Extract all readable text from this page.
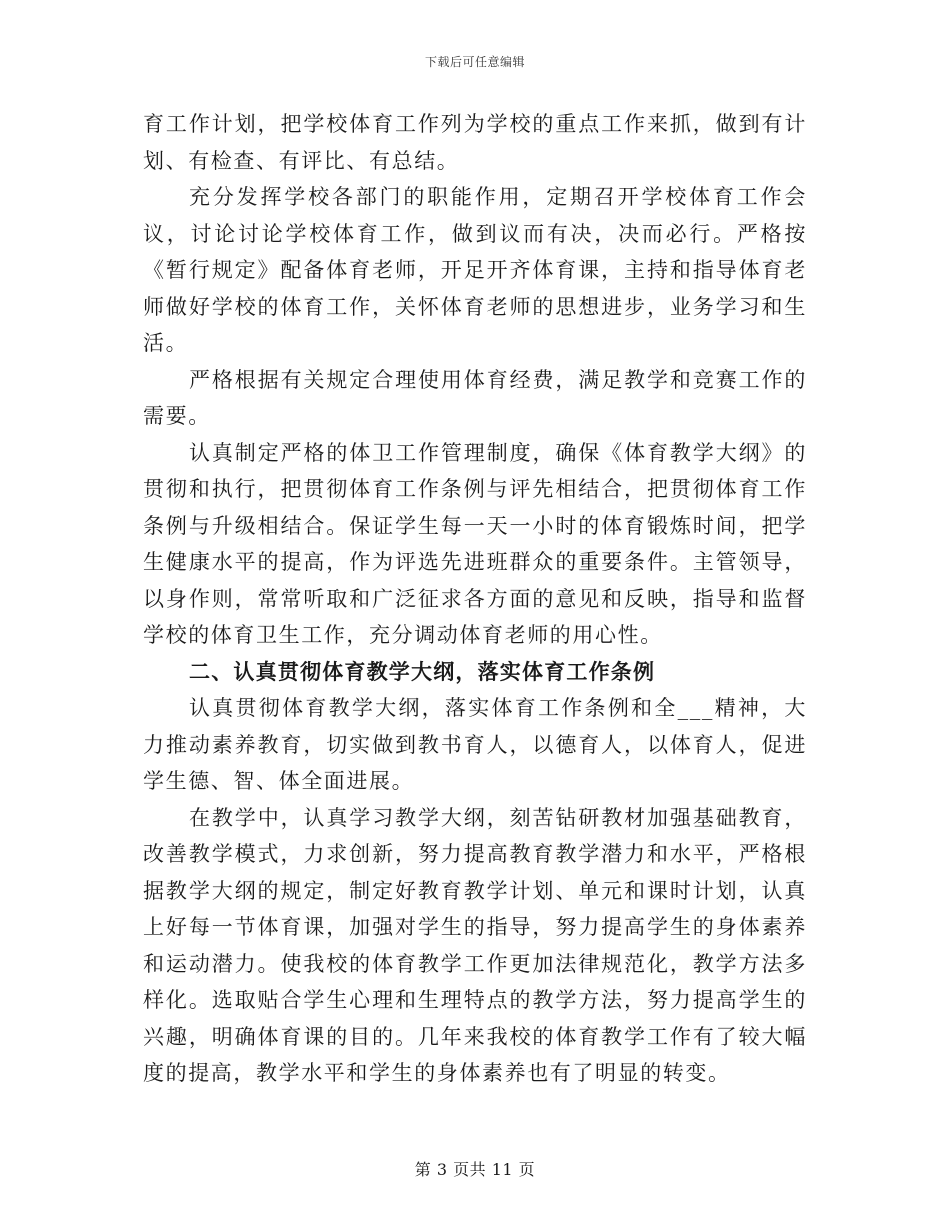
下载后可任意编辑

育工作计划，把学校体育工作列为学校的重点工作来抓，做到有计划、有检查、有评比、有总结。

充分发挥学校各部门的职能作用，定期召开学校体育工作会议，讨论讨论学校体育工作，做到议而有决，决而必行。严格按《暂行规定》配备体育老师，开足开齐体育课，主持和指导体育老师做好学校的体育工作，关怀体育老师的思想进步，业务学习和生活。

严格根据有关规定合理使用体育经费，满足教学和竞赛工作的需要。

认真制定严格的体卫工作管理制度，确保《体育教学大纲》的贯彻和执行，把贯彻体育工作条例与评先相结合，把贯彻体育工作条例与升级相结合。保证学生每一天一小时的体育锻炼时间，把学生健康水平的提高，作为评选先进班群众的重要条件。主管领导，以身作则，常常听取和广泛征求各方面的意见和反映，指导和监督学校的体育卫生工作，充分调动体育老师的用心性。

二、认真贯彻体育教学大纲，落实体育工作条例

认真贯彻体育教学大纲，落实体育工作条例和全___精神，大力推动素养教育，切实做到教书育人，以德育人，以体育人，促进学生德、智、体全面进展。

在教学中，认真学习教学大纲，刻苦钻研教材加强基础教育，改善教学模式，力求创新，努力提高教育教学潜力和水平，严格根据教学大纲的规定，制定好教育教学计划、单元和课时计划，认真上好每一节体育课，加强对学生的指导，努力提高学生的身体素养和运动潜力。使我校的体育教学工作更加法律规范化，教学方法多样化。选取贴合学生心理和生理特点的教学方法，努力提高学生的兴趣，明确体育课的目的。几年来我校的体育教学工作有了较大幅度的提高，教学水平和学生的身体素养也有了明显的转变。

第 3 页共 11 页
